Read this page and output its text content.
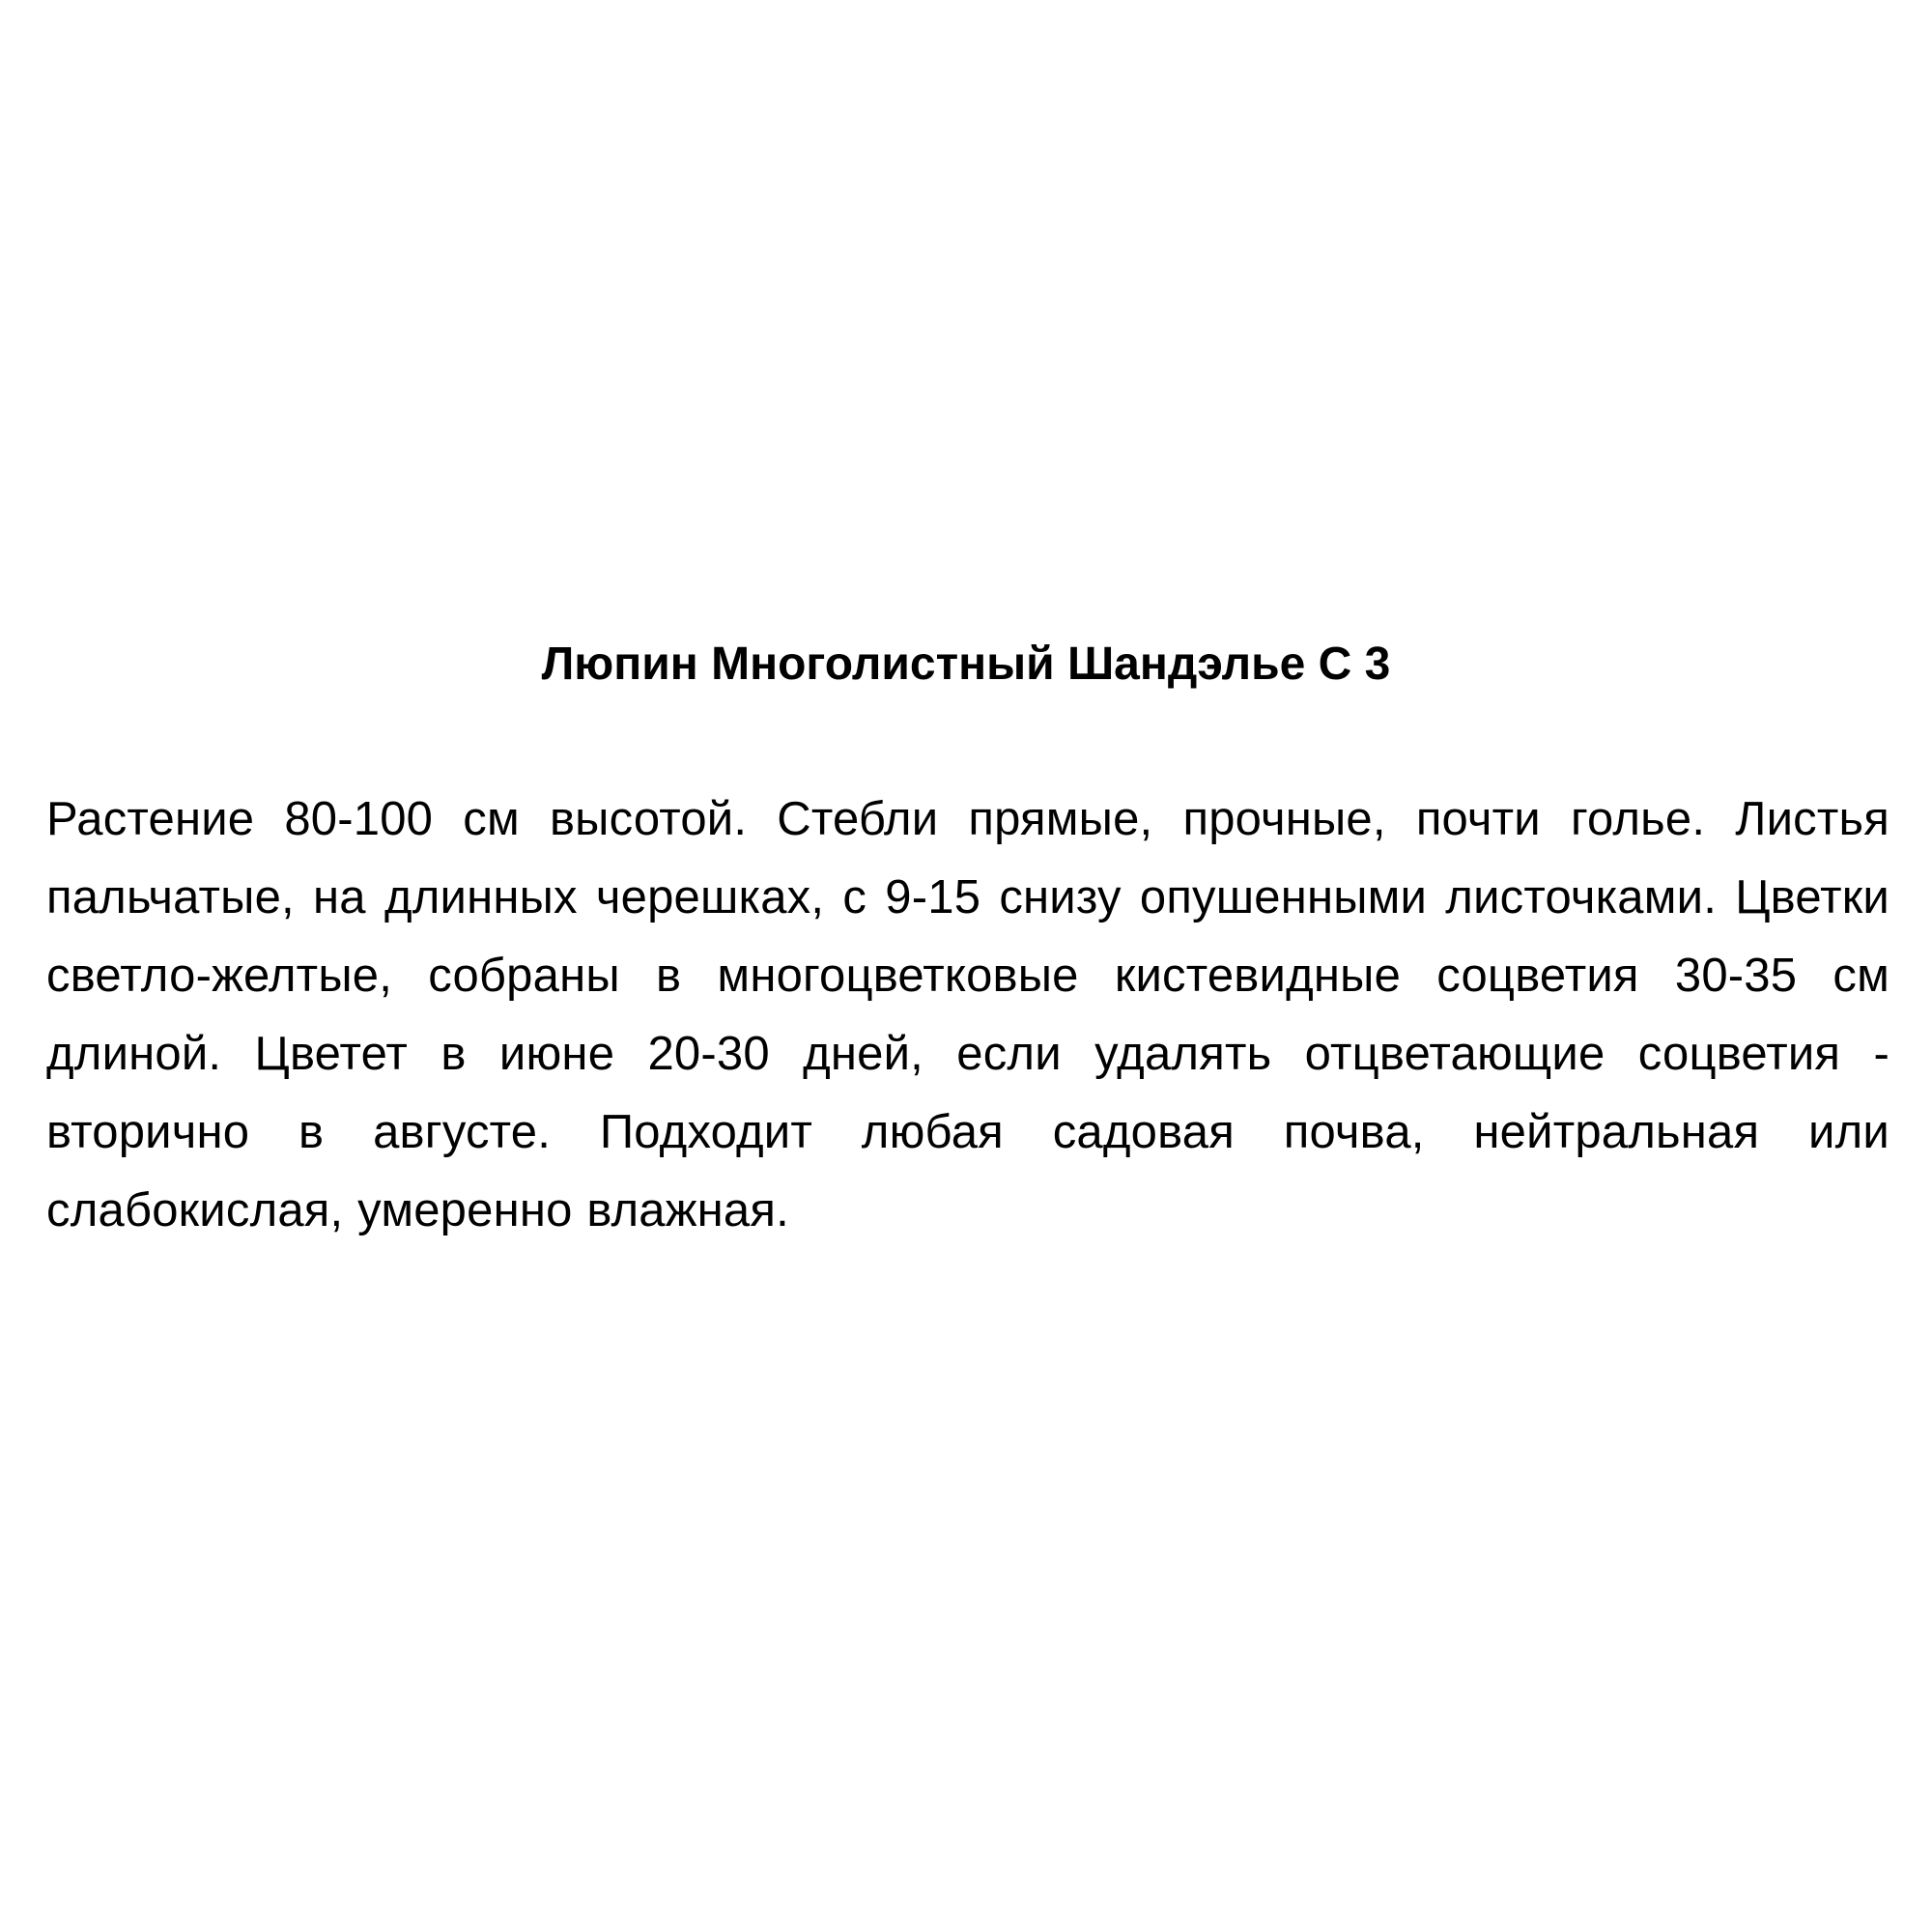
Люпин Многолистный Шандэлье С 3

Растение 80-100 см высотой. Стебли прямые, прочные, почти голье. Листья пальчатые, на длинных черешках, с 9-15 снизу опушенными листочками. Цветки светло-желтые, собраны в многоцветковые кистевидные соцветия 30-35 см длиной. Цветет в июне 20-30 дней, если удалять отцветающие соцветия - вторично в августе. Подходит любая садовая почва, нейтральная или слабокислая, умеренно влажная.
